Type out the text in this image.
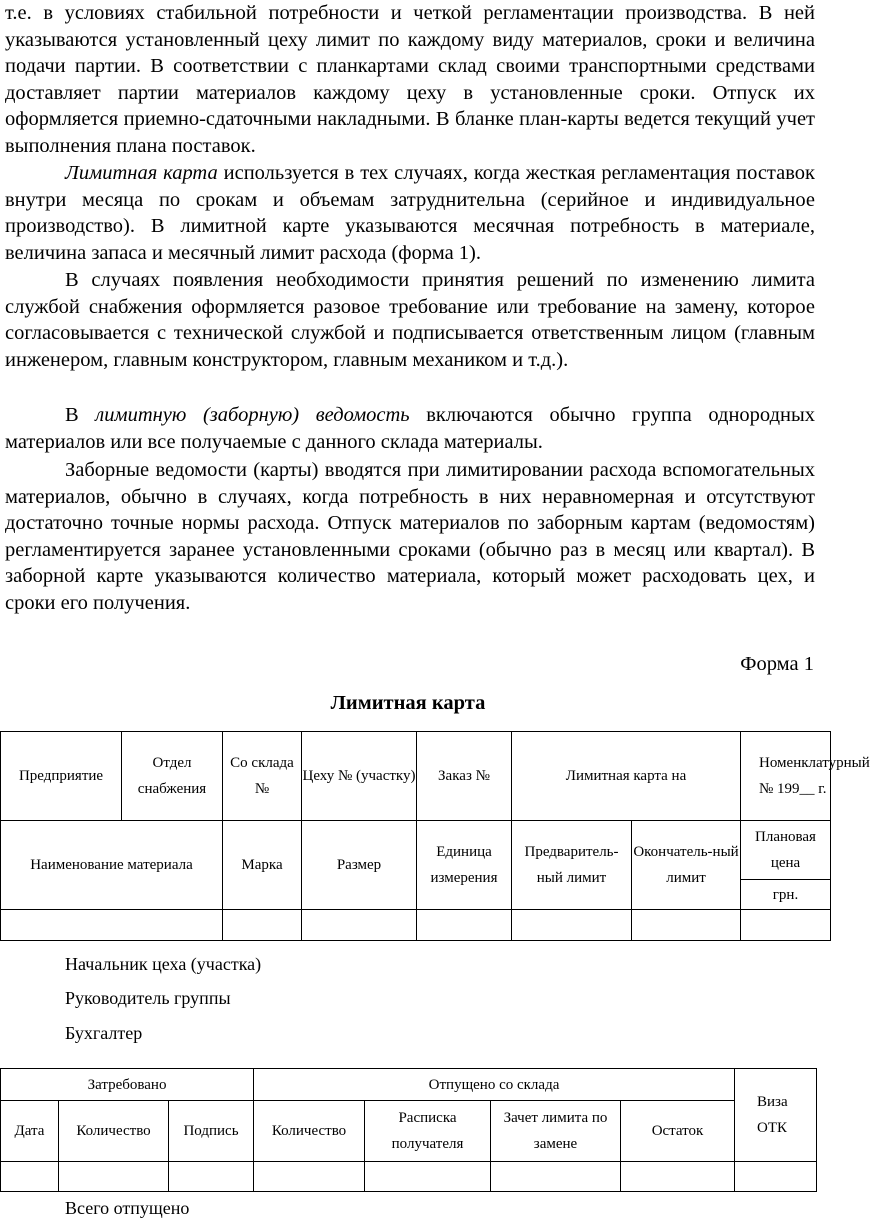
т.е. в условиях стабильной потребности и четкой регламентации производства. В ней указываются установленный цеху лимит по каждому виду материалов, сроки и величина подачи партии. В соответствии с планкартами склад своими транспортными средствами доставляет партии материалов каждому цеху в установленные сроки. Отпуск их оформляется приемно-сдаточными накладными. В бланке план-карты ведется текущий учет выполнения плана поставок.

Лимитная карта используется в тех случаях, когда жесткая регламентация поставок внутри месяца по срокам и объемам затруднительна (серийное и индивидуальное производство). В лимитной карте указываются месячная потребность в материале, величина запаса и месячный лимит расхода (форма 1).

В случаях появления необходимости принятия решений по изменению лимита службой снабжения оформляется разовое требование или требование на замену, которое согласовывается с технической службой и подписывается ответственным лицом (главным инженером, главным конструктором, главным механиком и т.д.).

В лимитную (заборную) ведомость включаются обычно группа однородных материалов или все получаемые с данного склада материалы.

Заборные ведомости (карты) вводятся при лимитировании расхода вспомогательных материалов, обычно в случаях, когда потребность в них неравномерная и отсутствуют достаточно точные нормы расхода. Отпуск материалов по заборным картам (ведомостям) регламентируется заранее установленными сроками (обычно раз в месяц или квартал). В заборной карте указываются количество материала, который может расходовать цех, и сроки его получения.

Форма 1
Лимитная карта
Предприятие	Отдел снабжения	Со склада №	Цеху № (участку)	Заказ №	Лимитная карта на		Номенклатурный № 199__ г.
Наименование материала		Марка	Размер	Единица измерения	Предваритель-ный лимит	Окончатель-ный лимит	Плановая цена
							грн.

Начальник цеха (участка)
Руководитель группы
Бухгалтер
Затребовано			Отпущено со склада				Виза ОТК
Дата	Количество	Подпись	Количество	Расписка получателя	Зачет лимита по замене	Остаток	

Всего отпущено
